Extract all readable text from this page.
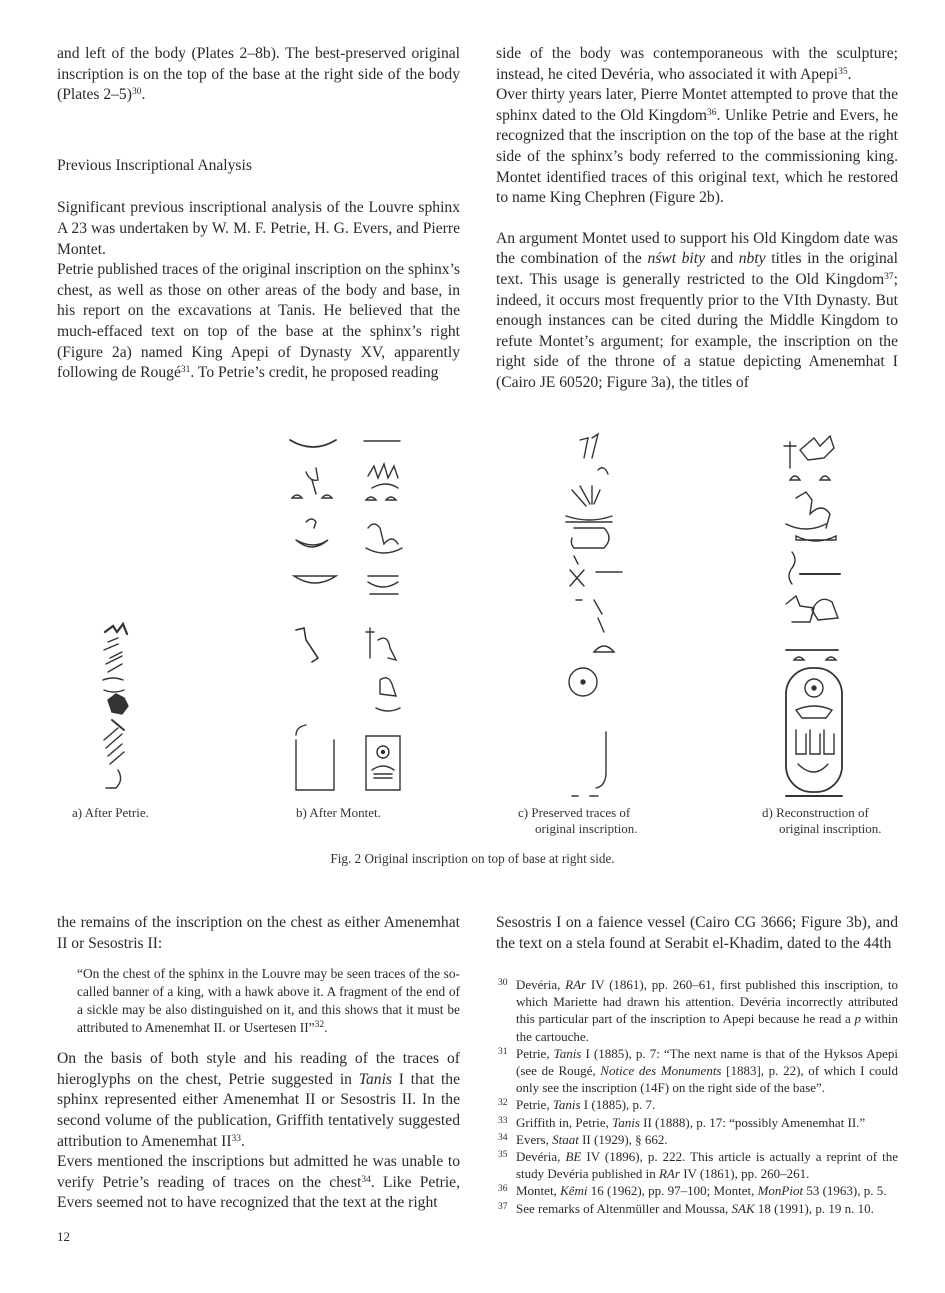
and left of the body (Plates 2–8b). The best-preserved original inscription is on the top of the base at the right side of the body (Plates 2–5)$^{30}$.

Previous Inscriptional Analysis

Significant previous inscriptional analysis of the Louvre sphinx A 23 was undertaken by W. M. F. Petrie, H. G. Evers, and Pierre Montet.

Petrie published traces of the original inscription on the sphinx’s chest, as well as those on other areas of the body and base, in his report on the excavations at Tanis. He believed that the much-effaced text on top of the base at the sphinx’s right (Figure 2a) named King Apepi of Dynasty XV, apparently following de Rougé$^{31}$. To Petrie’s credit, he proposed reading

side of the body was contemporaneous with the sculpture; instead, he cited Devéria, who associated it with Apepi$^{35}$.

Over thirty years later, Pierre Montet attempted to prove that the sphinx dated to the Old Kingdom$^{36}$. Unlike Petrie and Evers, he recognized that the inscription on the top of the base at the right side of the sphinx’s body referred to the commissioning king. Montet identified traces of this original text, which he restored to name King Chephren (Figure 2b).

An argument Montet used to support his Old Kingdom date was the combination of the nśwt bity and nbty titles in the original text. This usage is generally restricted to the Old Kingdom$^{37}$; indeed, it occurs most frequently prior to the VIth Dynasty. But enough instances can be cited during the Middle Kingdom to refute Montet’s argument; for example, the inscription on the right side of the throne of a statue depicting Amenemhat I (Cairo JE 60520; Figure 3a), the titles of

a) After Petrie.	b) After Montet.	c) Preserved traces of
original inscription.
d) Reconstruction of
original inscription.
Fig. 2 Original inscription on top of base at right side.

the remains of the inscription on the chest as either Amenemhat II or Sesostris II:

“On the chest of the sphinx in the Louvre may be seen traces of the so-called banner of a king, with a hawk above it. A fragment of the end of a sickle may be also distinguished on it, and this shows that it must be attributed to Amenemhat II. or Usertesen II”$^{32}$.

On the basis of both style and his reading of the traces of hieroglyphs on the chest, Petrie suggested in Tanis I that the sphinx represented either Amenemhat II or Sesostris II. In the second volume of the publication, Griffith tentatively suggested attribution to Amenemhat II$^{33}$.

Evers mentioned the inscriptions but admitted he was unable to verify Petrie’s reading of traces on the chest$^{34}$. Like Petrie, Evers seemed not to have recognized that the text at the right

Sesostris I on a faience vessel (Cairo CG 3666; Figure 3b), and the text on a stela found at Serabit el-Khadim, dated to the 44th

30 Devéria, RAr IV (1861), pp. 260–61, first published this inscription, to which Mariette had drawn his attention. Devéria incorrectly attributed this particular part of the inscription to Apepi because he read a p within the cartouche.

31 Petrie, Tanis I (1885), p. 7: “The next name is that of the Hyksos Apepi (see de Rougé, Notice des Monuments [1883], p. 22), of which I could only see the inscription (14F) on the right side of the base”.

32 Petrie, Tanis I (1885), p. 7.

33 Griffith in, Petrie, Tanis II (1888), p. 17: “possibly Amenemhat II.”

34 Evers, Staat II (1929), § 662.

35 Devéria, BE IV (1896), p. 222. This article is actually a reprint of the study Devéria published in RAr IV (1861), pp. 260–261.

36 Montet, Kêmi 16 (1962), pp. 97–100; Montet, MonPiot 53 (1963), p. 5.

37 See remarks of Altenmüller and Moussa, SAK 18 (1991), p. 19 n. 10.

12
